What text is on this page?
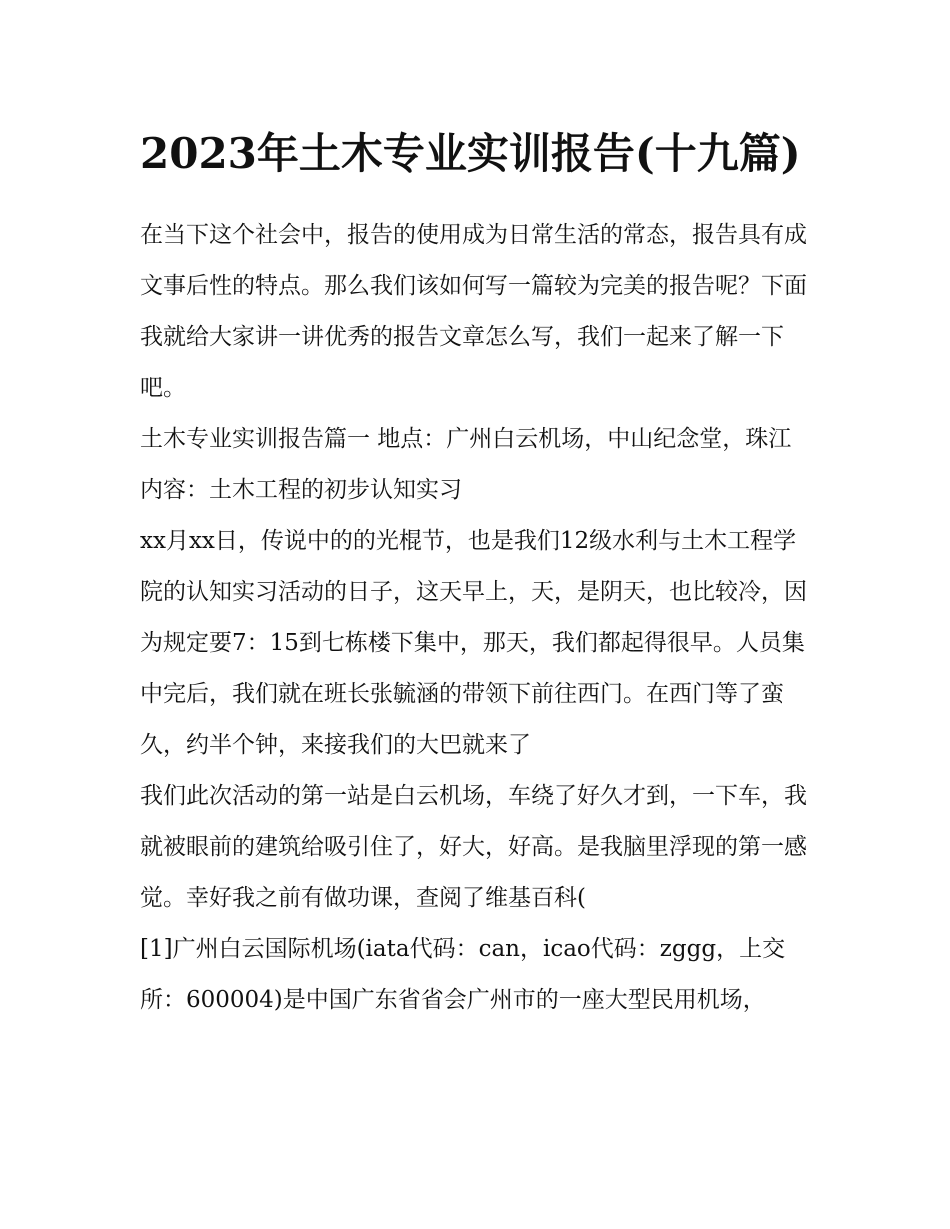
2023年土木专业实训报告(十九篇)

在当下这个社会中，报告的使用成为日常生活的常态，报告具有成文事后性的特点。那么我们该如何写一篇较为完美的报告呢？下面我就给大家讲一讲优秀的报告文章怎么写，我们一起来了解一下吧。

土木专业实训报告篇一 地点：广州白云机场，中山纪念堂，珠江 内容：土木工程的初步认知实习

xx月xx日，传说中的的光棍节，也是我们12级水利与土木工程学院的认知实习活动的日子，这天早上，天，是阴天，也比较冷，因为规定要7：15到七栋楼下集中，那天，我们都起得很早。人员集中完后，我们就在班长张毓涵的带领下前往西门。在西门等了蛮久，约半个钟，来接我们的大巴就来了

我们此次活动的第一站是白云机场，车绕了好久才到，一下车，我就被眼前的建筑给吸引住了，好大，好高。是我脑里浮现的第一感觉。幸好我之前有做功课，查阅了维基百科(

[1]广州白云国际机场(iata代码：can，icao代码：zggg，上交所：600004)是中国广东省省会广州市的一座大型民用机场，
